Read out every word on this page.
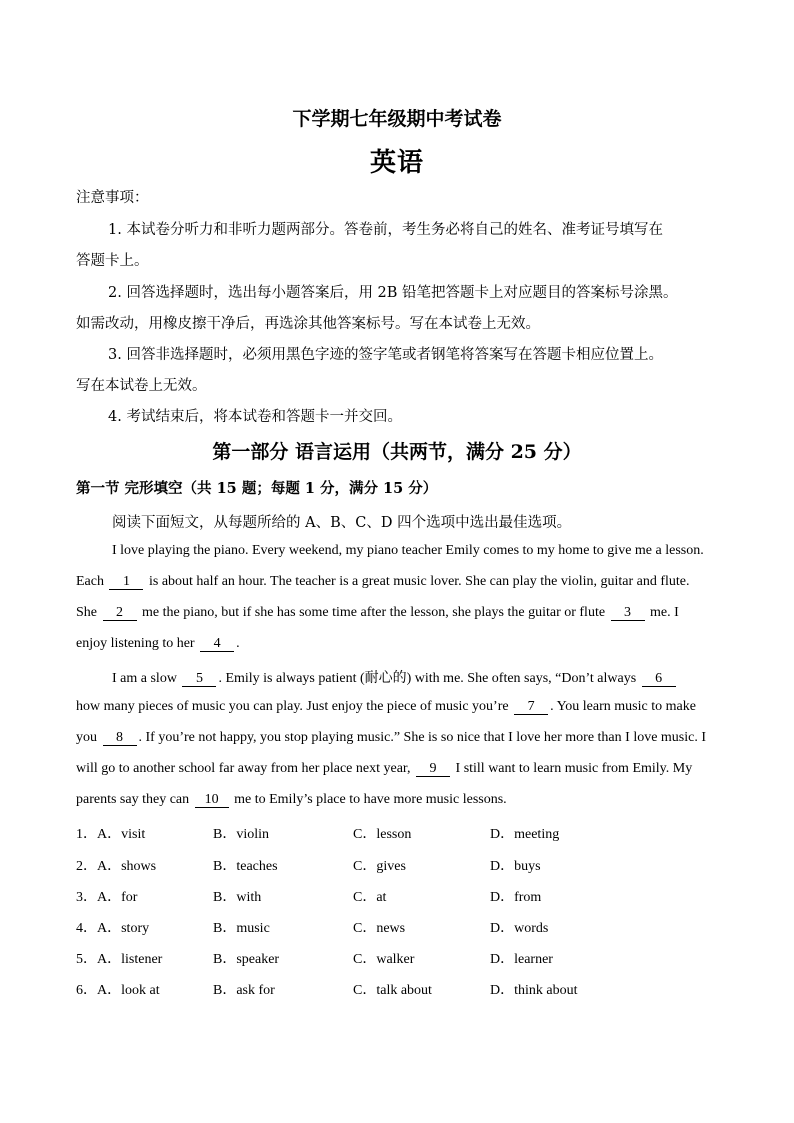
下学期七年级期中考试卷
英语
注意事项：
1. 本试卷分听力和非听力题两部分。答卷前，考生务必将自己的姓名、准考证号填写在
答题卡上。
2. 回答选择题时，选出每小题答案后，用 2B 铅笔把答题卡上对应题目的答案标号涂黑。
如需改动，用橡皮擦干净后，再选涂其他答案标号。写在本试卷上无效。
3. 回答非选择题时，必须用黑色字迹的签字笔或者钢笔将答案写在答题卡相应位置上。
写在本试卷上无效。
4. 考试结束后，将本试卷和答题卡一并交回。
第一部分 语言运用（共两节，满分 25 分）
第一节 完形填空（共 15 题；每题 1 分，满分 15 分）
阅读下面短文，从每题所给的 A、B、C、D 四个选项中选出最佳选项。
I love playing the piano. Every weekend, my piano teacher Emily comes to my home to give me a lesson.
Each 1 is about half an hour. The teacher is a great music lover. She can play the violin, guitar and flute.
She 2 me the piano, but if she has some time after the lesson, she plays the guitar or flute 3 me. I
enjoy listening to her 4 .
I am a slow 5 . Emily is always patient (耐心的) with me. She often says, “Don’t always 6
how many pieces of music you can play. Just enjoy the piece of music you’re 7 . You learn music to make
you 8 . If you’re not happy, you stop playing music.” She is so nice that I love her more than I love music. I
will go to another school far away from her place next year, 9 I still want to learn music from Emily. My
parents say they can 10 me to Emily’s place to have more music lessons.
1． A．visit	B．violin	C．lesson	D．meeting
2． A．shows	B．teaches	C．gives	D．buys
3． A．for	B．with	C．at	D．from
4． A．story	B．music	C．news	D．words
5． A．listener	B．speaker	C．walker	D．learner
6． A．look at	B．ask for	C．talk about	D．think about
